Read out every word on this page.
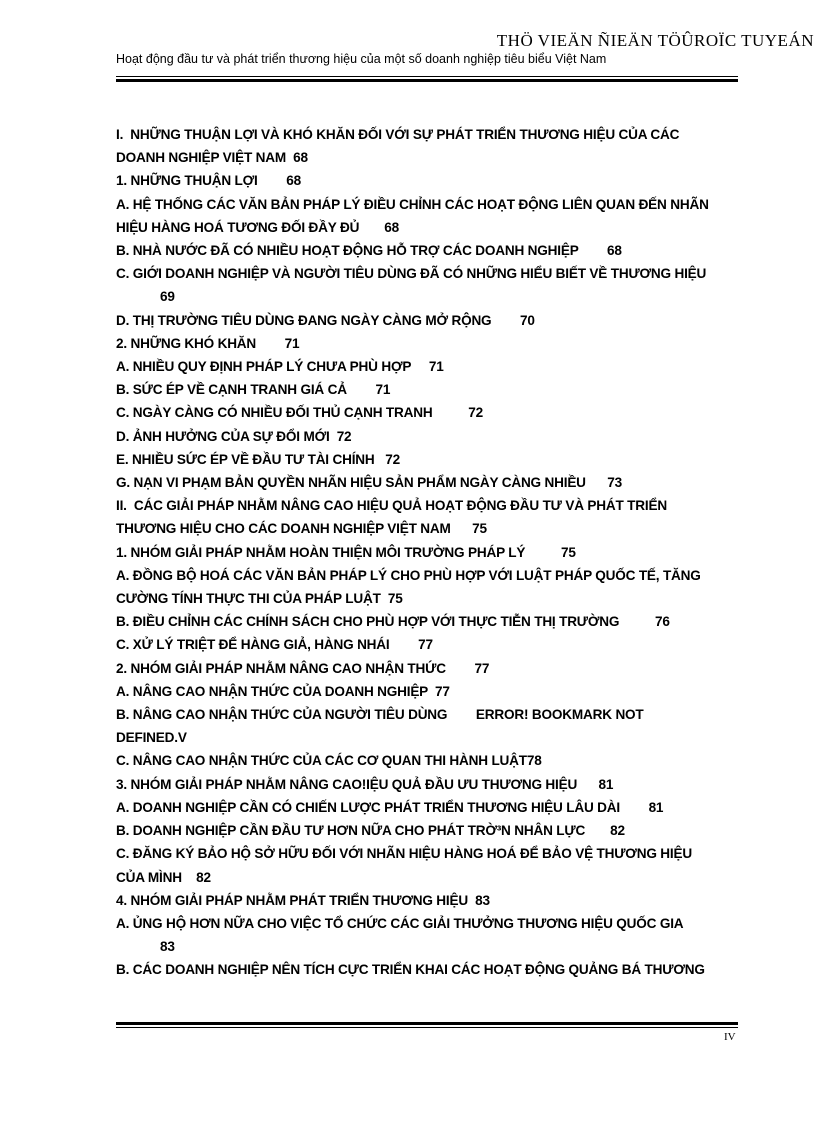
THÖ VIEÄN ÑIEÄN TÖÛROÏC TUYEÁN
Hoạt động đầu tư và phát triển thương hiệu của một số doanh nghiệp tiêu biểu Việt Nam

I.  NHỮNG THUẬN LỢI VÀ KHÓ KHĂN ĐỐI VỚI SỰ PHÁT TRIỂN THƯƠNG HIỆU CỦA CÁC

DOANH NGHIỆP VIỆT NAM  68

1. NHỮNG THUẬN LỢI        68

A. HỆ THỐNG CÁC VĂN BẢN PHÁP LÝ ĐIỀU CHỈNH CÁC HOẠT ĐỘNG LIÊN QUAN ĐẾN NHÃN

HIỆU HÀNG HOÁ TƯƠNG ĐỐI ĐẦY ĐỦ       68

B. NHÀ NƯỚC ĐÃ CÓ NHIỀU HOẠT ĐỘNG HỖ TRỢ CÁC DOANH NGHIỆP        68

C. GIỚI DOANH NGHIỆP VÀ NGƯỜI TIÊU DÙNG ĐÃ CÓ NHỮNG HIỂU BIẾT VỀ THƯƠNG HIỆU

69

D. THỊ TRƯỜNG TIÊU DÙNG ĐANG NGÀY CÀNG MỞ RỘNG        70

2. NHỮNG KHÓ KHĂN        71

A. NHIỀU QUY ĐỊNH PHÁP LÝ CHƯA PHÙ HỢP     71

B. SỨC ÉP VỀ CẠNH TRANH GIÁ CẢ        71

C. NGÀY CÀNG CÓ NHIỀU ĐỐI THỦ CẠNH TRANH          72

D. ẢNH HƯỞNG CỦA SỰ ĐỔI MỚI  72

E. NHIỀU SỨC ÉP VỀ ĐẦU TƯ TÀI CHÍNH   72

G. NẠN VI PHẠM BẢN QUYỀN NHÃN HIỆU SẢN PHẨM NGÀY CÀNG NHIỀU      73

II.  CÁC GIẢI PHÁP NHẰM NÂNG CAO HIỆU QUẢ HOẠT ĐỘNG ĐẦU TƯ VÀ PHÁT TRIỂN

THƯƠNG HIỆU CHO CÁC DOANH NGHIỆP VIỆT NAM      75

1. NHÓM GIẢI PHÁP NHẰM HOÀN THIỆN MÔI TRƯỜNG PHÁP LÝ          75

A. ĐỒNG BỘ HOÁ CÁC VĂN BẢN PHÁP LÝ CHO PHÙ HỢP VỚI LUẬT PHÁP QUỐC TẾ, TĂNG

CƯỜNG TÍNH THỰC THI CỦA PHÁP LUẬT  75

B. ĐIỀU CHỈNH CÁC CHÍNH SÁCH CHO PHÙ HỢP VỚI THỰC TIỄN THỊ TRƯỜNG          76

C. XỬ LÝ TRIỆT ĐỂ HÀNG GIẢ, HÀNG NHÁI        77

2. NHÓM GIẢI PHÁP NHẰM NÂNG CAO NHẬN THỨC        77

A. NÂNG CAO NHẬN THỨC CỦA DOANH NGHIỆP  77

B. NÂNG CAO NHẬN THỨC CỦA NGƯỜI TIÊU DÙNG        ERROR! BOOKMARK NOT

DEFINED.V

C. NÂNG CAO NHẬN THỨC CỦA CÁC CƠ QUAN THI HÀNH LUẬT78

3. NHÓM GIẢI PHÁP NHẰM NÂNG CAO!IỆU QUẢ ĐẦU ƯU THƯƠNG HIỆU      81

A. DOANH NGHIỆP CẦN CÓ CHIẾN LƯỢC PHÁT TRIỂN THƯƠNG HIỆU LÂU DÀI        81

B. DOANH NGHIỆP CẦN ĐẦU TƯ HƠN NỮA CHO PHÁT TRỜ³N NHÂN LỰC       82

C. ĐĂNG KÝ BẢO HỘ SỞ HỮU ĐỐI VỚI NHÃN HIỆU HÀNG HOÁ ĐỂ BẢO VỆ THƯƠNG HIỆU

CỦA MÌNH    82

4. NHÓM GIẢI PHÁP NHẰM PHÁT TRIỂN THƯƠNG HIỆU  83

A. ỦNG HỘ HƠN NỮA CHO VIỆC TỔ CHỨC CÁC GIẢI THƯỞNG THƯƠNG HIỆU QUỐC GIA

83

B. CÁC DOANH NGHIỆP NÊN TÍCH CỰC TRIỂN KHAI CÁC HOẠT ĐỘNG QUẢNG BÁ THƯƠNG

IV
